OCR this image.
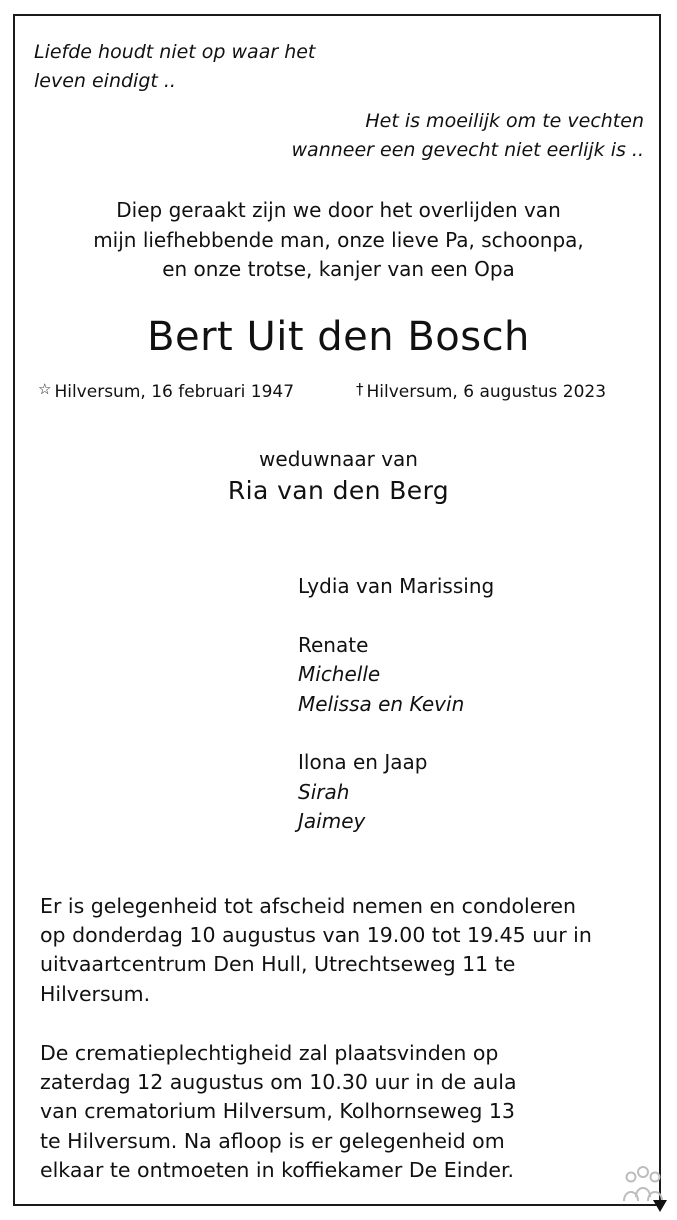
Liefde houdt niet op waar het
leven eindigt ..
Het is moeilijk om te vechten
wanneer een gevecht niet eerlijk is ..
Diep geraakt zijn we door het overlijden van
mijn liefhebbende man, onze lieve Pa, schoonpa,
en onze trotse, kanjer van een Opa
Bert Uit den Bosch
☆ Hilversum, 16 februari 1947	† Hilversum, 6 augustus 2023
weduwnaar van
Ria van den Berg
Lydia van Marissing
Renate
Michelle
Melissa en Kevin
Ilona en Jaap
Sirah
Jaimey
Er is gelegenheid tot afscheid nemen en condoleren
op donderdag 10 augustus van 19.00 tot 19.45 uur in
uitvaartcentrum Den Hull, Utrechtseweg 11 te
Hilversum.
De crematieplechtigheid zal plaatsvinden op
zaterdag 12 augustus om 10.30 uur in de aula
van crematorium Hilversum, Kolhornseweg 13
te Hilversum. Na afloop is er gelegenheid om
elkaar te ontmoeten in koffiekamer De Einder.
